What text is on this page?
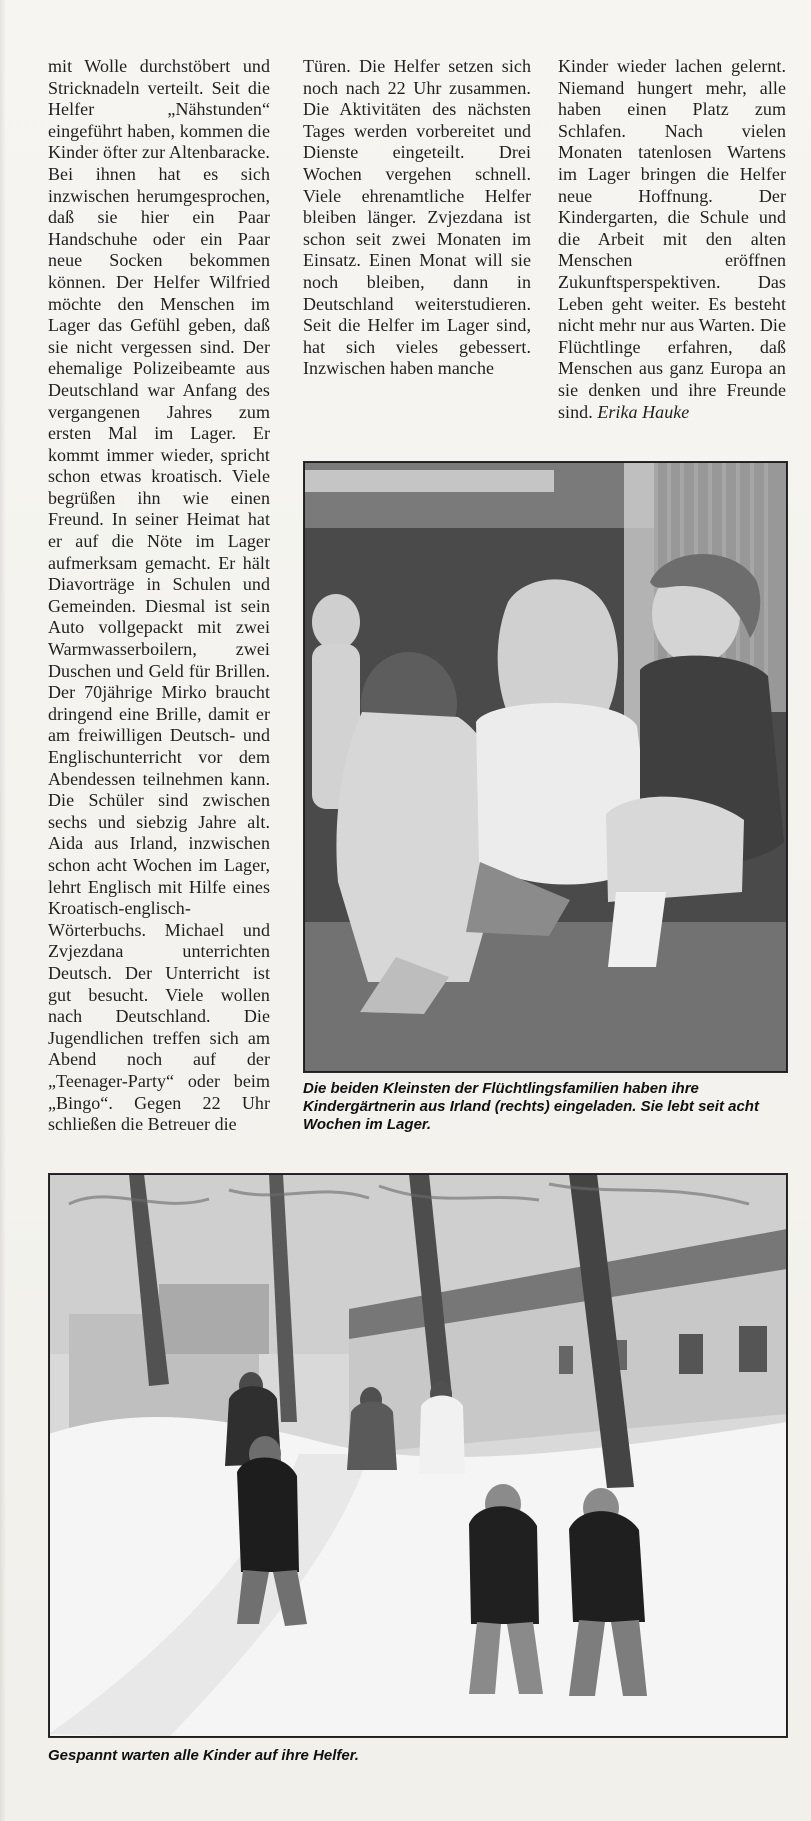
mit Wolle durchstöbert und Stricknadeln verteilt. Seit die Helfer „Nähstunden“ eingeführt haben, kommen die Kinder öfter zur Altenbaracke. Bei ihnen hat es sich inzwischen herumgesprochen, daß sie hier ein Paar Handschuhe oder ein Paar neue Socken bekommen können. Der Helfer Wilfried möchte den Menschen im Lager das Gefühl geben, daß sie nicht vergessen sind. Der ehemalige Polizeibeamte aus Deutschland war Anfang des vergangenen Jahres zum ersten Mal im Lager. Er kommt immer wieder, spricht schon etwas kroatisch. Viele begrüßen ihn wie einen Freund. In seiner Heimat hat er auf die Nöte im Lager aufmerksam gemacht. Er hält Diavorträge in Schulen und Gemeinden. Diesmal ist sein Auto vollgepackt mit zwei Warmwasserboilern, zwei Duschen und Geld für Brillen. Der 70jährige Mirko braucht dringend eine Brille, damit er am freiwilligen Deutsch- und Englischunterricht vor dem Abendessen teilnehmen kann. Die Schüler sind zwischen sechs und siebzig Jahre alt. Aida aus Irland, inzwischen schon acht Wochen im Lager, lehrt Englisch mit Hilfe eines Kroatisch-englisch-Wörterbuchs. Michael und Zvjezdana unterrichten Deutsch. Der Unterricht ist gut besucht. Viele wollen nach Deutschland. Die Jugendlichen treffen sich am Abend noch auf der „Teenager-Party“ oder beim „Bingo“. Gegen 22 Uhr schließen die Betreuer die

Türen. Die Helfer setzen sich noch nach 22 Uhr zusammen. Die Aktivitäten des nächsten Tages werden vorbereitet und Dienste eingeteilt. Drei Wochen vergehen schnell. Viele ehrenamtliche Helfer bleiben länger. Zvjezdana ist schon seit zwei Monaten im Einsatz. Einen Monat will sie noch bleiben, dann in Deutschland weiterstudieren. Seit die Helfer im Lager sind, hat sich vieles gebessert. Inzwischen haben manche

Kinder wieder lachen gelernt. Niemand hungert mehr, alle haben einen Platz zum Schlafen. Nach vielen Monaten tatenlosen Wartens im Lager bringen die Helfer neue Hoffnung. Der Kindergarten, die Schule und die Arbeit mit den alten Menschen eröffnen Zukunftsperspektiven. Das Leben geht weiter. Es besteht nicht mehr nur aus Warten. Die Flüchtlinge erfahren, daß Menschen aus ganz Europa an sie denken und ihre Freunde sind. Erika Hauke

Die beiden Kleinsten der Flüchtlingsfamilien haben ihre Kindergärtnerin aus Irland (rechts) eingeladen. Sie lebt seit acht Wochen im Lager.
Gespannt warten alle Kinder auf ihre Helfer.
